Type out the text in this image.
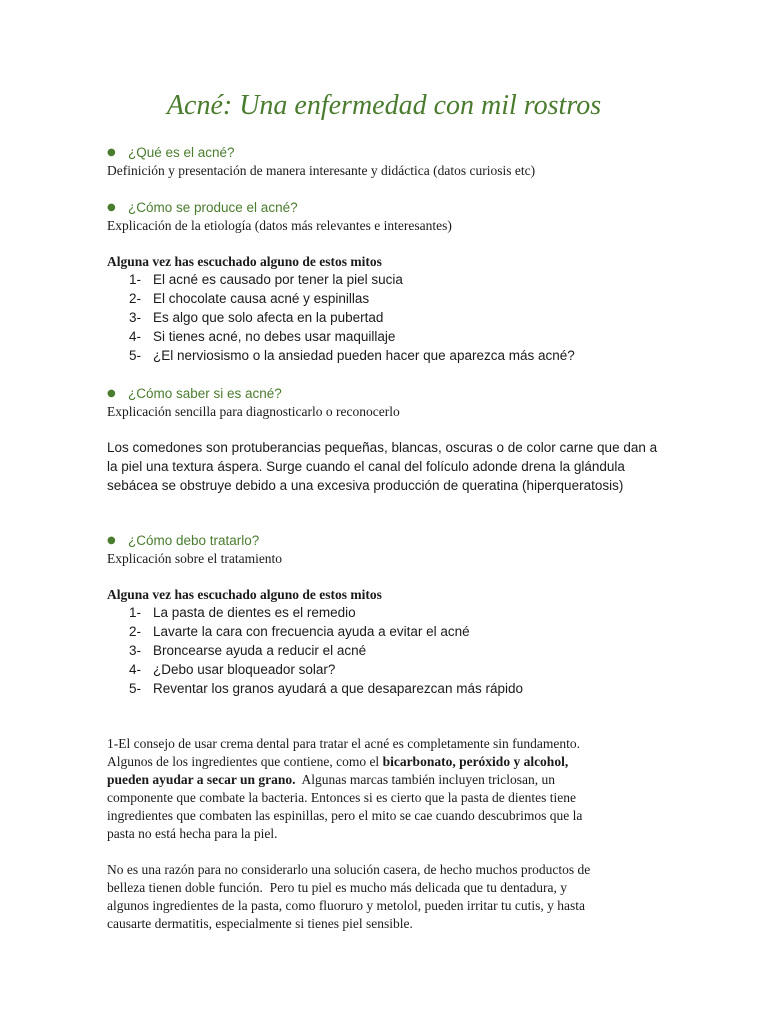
Acné: Una enfermedad con mil rostros
● ¿Qué es el acné?
Definición y presentación de manera interesante y didáctica (datos curiosis etc)
● ¿Cómo se produce el acné?
Explicación de la etiología (datos más relevantes e interesantes)
Alguna vez has escuchado alguno de estos mitos
1- El acné es causado por tener la piel sucia
2- El chocolate causa acné y espinillas
3- Es algo que solo afecta en la pubertad
4- Si tienes acné, no debes usar maquillaje
5- ¿El nerviosismo o la ansiedad pueden hacer que aparezca más acné?
● ¿Cómo saber si es acné?
Explicación sencilla para diagnosticarlo o reconocerlo
Los comedones son protuberancias pequeñas, blancas, oscuras o de color carne que dan a
la piel una textura áspera. Surge cuando el canal del folículo adonde drena la glándula
sebácea se obstruye debido a una excesiva producción de queratina (hiperqueratosis)
● ¿Cómo debo tratarlo?
Explicación sobre el tratamiento
Alguna vez has escuchado alguno de estos mitos
1- La pasta de dientes es el remedio
2- Lavarte la cara con frecuencia ayuda a evitar el acné
3- Broncearse ayuda a reducir el acné
4- ¿Debo usar bloqueador solar?
5- Reventar los granos ayudará a que desaparezcan más rápido
1-El consejo de usar crema dental para tratar el acné es completamente sin fundamento.
Algunos de los ingredientes que contiene, como el bicarbonato, peróxido y alcohol,
pueden ayudar a secar un grano.  Algunas marcas también incluyen triclosan, un
componente que combate la bacteria. Entonces si es cierto que la pasta de dientes tiene
ingredientes que combaten las espinillas, pero el mito se cae cuando descubrimos que la
pasta no está hecha para la piel.
No es una razón para no considerarlo una solución casera, de hecho muchos productos de
belleza tienen doble función.  Pero tu piel es mucho más delicada que tu dentadura, y
algunos ingredientes de la pasta, como fluoruro y metolol, pueden irritar tu cutis, y hasta
causarte dermatitis, especialmente si tienes piel sensible.
